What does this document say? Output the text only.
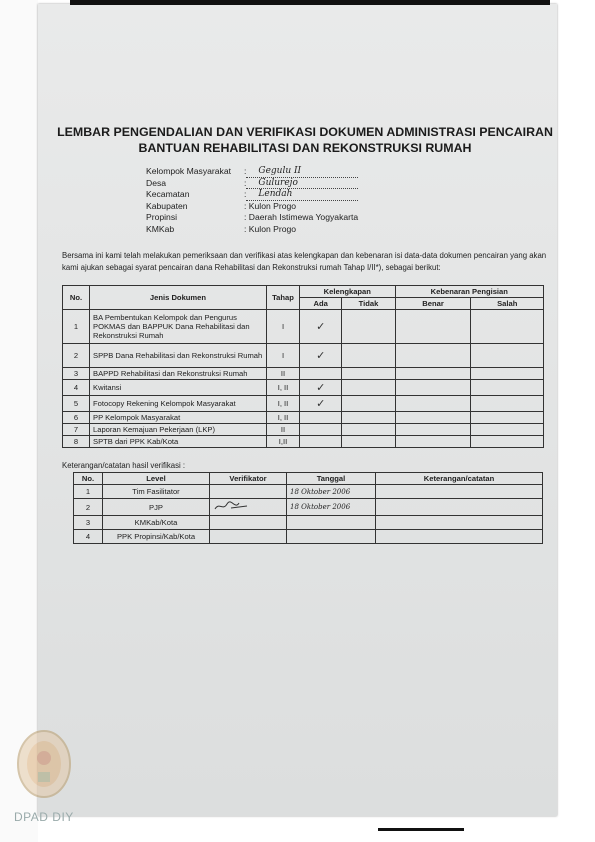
LEMBAR PENGENDALIAN DAN VERIFIKASI DOKUMEN ADMINISTRASI PENCAIRAN
BANTUAN REHABILITASI DAN REKONSTRUKSI RUMAH
Kelompok Masyarakat	:	Gegulu II
Desa	:	Gulurejo
Kecamatan	:	Lendah
Kabupaten	: Kulon Progo
Propinsi	: Daerah Istimewa Yogyakarta
KMKab	: Kulon Progo
Bersama ini kami telah melakukan pemeriksaan dan verifikasi atas kelengkapan dan kebenaran isi data-data dokumen pencairan yang akan kami ajukan sebagai syarat pencairan dana Rehabilitasi dan Rekonstruksi rumah Tahap I/II*), sebagai berikut:
No.	Jenis Dokumen	Tahap	Kelengkapan		Kebenaran Pengisian	
			Ada	Tidak	Benar	Salah
1	BA Pembentukan Kelompok dan Pengurus POKMAS dan BAPPUK Dana Rehabilitasi dan Rekonstruksi Rumah	I	✓			
2	SPPB Dana Rehabilitasi dan Rekonstruksi Rumah	I	✓			
3	BAPPD Rehabilitasi dan Rekonstruksi Rumah	II				
4	Kwitansi	I, II	✓			
5	Fotocopy Rekening Kelompok Masyarakat	I, II	✓			
6	PP Kelompok Masyarakat	I, II				
7	Laporan Kemajuan Pekerjaan (LKP)	II				
8	SPTB dari PPK Kab/Kota	I,II				
Keterangan/catatan hasil verifikasi :
No.	Level	Verifikator	Tanggal	Keterangan/catatan
1	Tim Fasilitator		18 Oktober 2006	
2	PJP		18 Oktober 2006	
3	KMKab/Kota			
4	PPK Propinsi/Kab/Kota			
DPAD DIY
